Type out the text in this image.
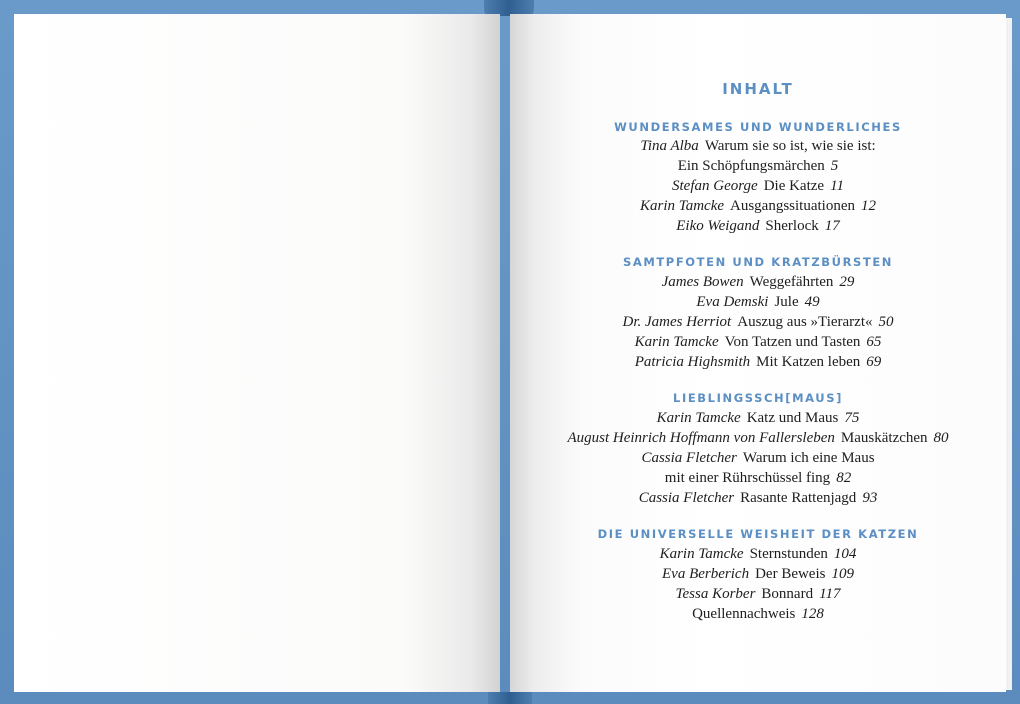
INHALT
WUNDERSAMES UND WUNDERLICHES
Tina Alba Warum sie so ist, wie sie ist:
Ein Schöpfungsmärchen 5
Stefan George Die Katze 11
Karin Tamcke Ausgangssituationen 12
Eiko Weigand Sherlock 17
SAMTPFOTEN UND KRATZBÜRSTEN
James Bowen Weggefährten 29
Eva Demski Jule 49
Dr. James Herriot Auszug aus »Tierarzt« 50
Karin Tamcke Von Tatzen und Tasten 65
Patricia Highsmith Mit Katzen leben 69
LIEBLINGSSCH[MAUS]
Karin Tamcke Katz und Maus 75
August Heinrich Hoffmann von Fallersleben Mauskätzchen 80
Cassia Fletcher Warum ich eine Maus
mit einer Rührschüssel fing 82
Cassia Fletcher Rasante Rattenjagd 93
DIE UNIVERSELLE WEISHEIT DER KATZEN
Karin Tamcke Sternstunden 104
Eva Berberich Der Beweis 109
Tessa Korber Bonnard 117
Quellennachweis 128
